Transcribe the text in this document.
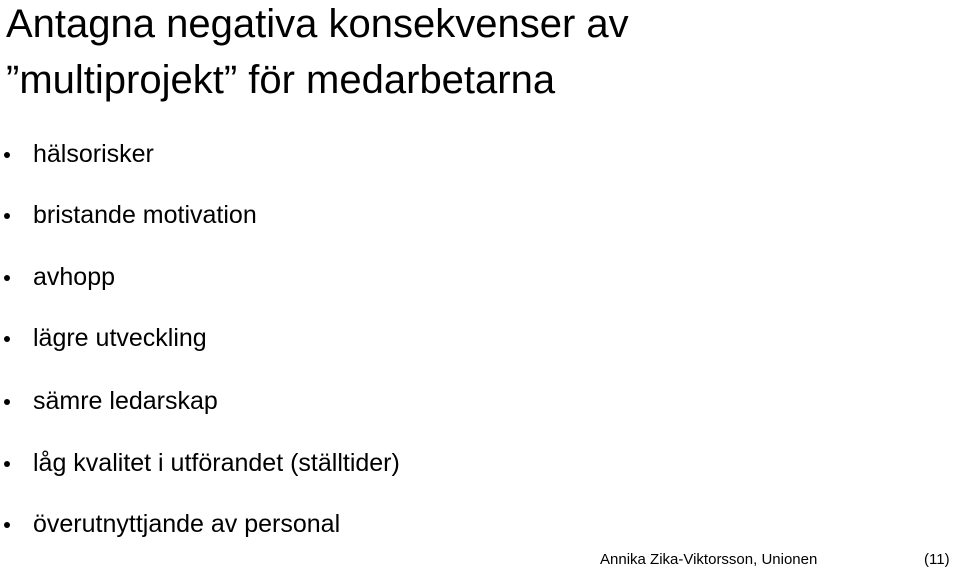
Antagna negativa konsekvenser av
”multiprojekt” för medarbetarna
hälsorisker
bristande motivation
avhopp
lägre utveckling
sämre ledarskap
låg kvalitet i utförandet (ställtider)
överutnyttjande av personal
Annika Zika-Viktorsson, Unionen	(11)
